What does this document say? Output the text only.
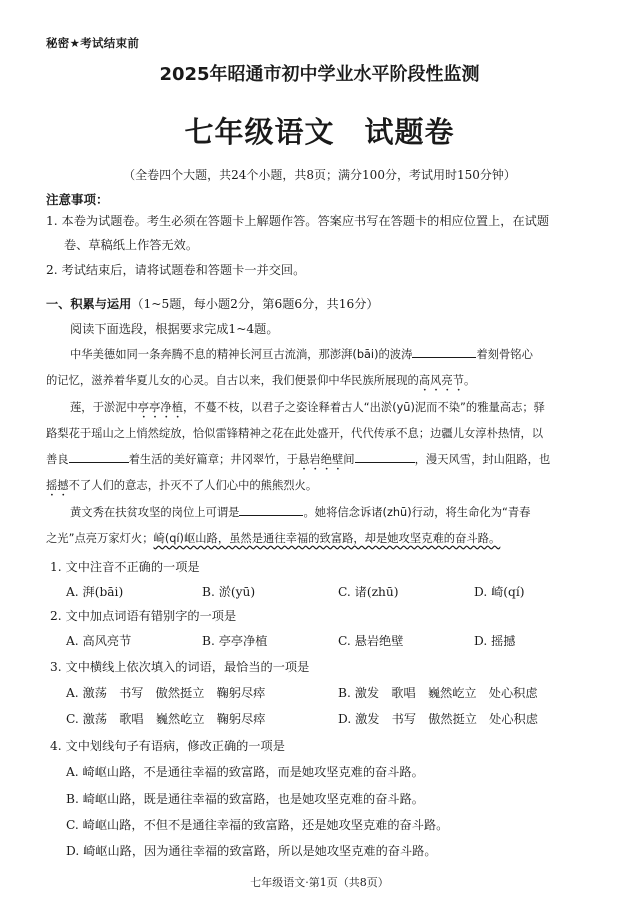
秘密★考试结束前
2025年昭通市初中学业水平阶段性监测
七年级语文　试题卷
（全卷四个大题，共24个小题，共8页；满分100分，考试用时150分钟）
注意事项：
1. 本卷为试题卷。考生必须在答题卡上解题作答。答案应书写在答题卡的相应位置上，在试题
卷、草稿纸上作答无效。
2. 考试结束后，请将试题卷和答题卡一并交回。
一、积累与运用（1~5题，每小题2分，第6题6分，共16分）
阅读下面选段，根据要求完成1~4题。
中华美德如同一条奔腾不息的精神长河亘古流淌，那澎湃(bāi)的波涛	着刻骨铭心
的记忆，滋养着华夏儿女的心灵。自古以来，我们便景仰中华民族所展现的高风亮节。
莲，于淤泥中亭亭净植，不蔓不枝，以君子之姿诠释着古人“出淤(yū)泥而不染”的雅量高志；驿
路梨花于瑶山之上悄然绽放，恰似雷锋精神之花在此处盛开，代代传承不息；边疆儿女淳朴热情，以
善良	着生活的美好篇章；井冈翠竹，于悬岩绝壁间	，漫天风雪，封山阻路，也
摇撼不了人们的意志，扑灭不了人们心中的熊熊烈火。
黄文秀在扶贫攻坚的岗位上可谓是	。她将信念诉诸(zhū)行动，将生命化为“青春
之光”点亮万家灯火；崎(qí)岖山路，虽然是通往幸福的致富路，却是她攻坚克难的奋斗路。
1. 文中注音不正确的一项是
A. 湃(bāi)	B. 淤(yū)	C. 诸(zhū)	D. 崎(qí)
2. 文中加点词语有错别字的一项是
A. 高风亮节	B. 亭亭净植	C. 悬岩绝壁	D. 摇撼
3. 文中横线上依次填入的词语，最恰当的一项是
A. 激荡　书写　傲然挺立　鞠躬尽瘁	B. 激发　歌唱　巍然屹立　处心积虑
C. 激荡　歌唱　巍然屹立　鞠躬尽瘁	D. 激发　书写　傲然挺立　处心积虑
4. 文中划线句子有语病，修改正确的一项是
A. 崎岖山路，不是通往幸福的致富路，而是她攻坚克难的奋斗路。
B. 崎岖山路，既是通往幸福的致富路，也是她攻坚克难的奋斗路。
C. 崎岖山路，不但不是通往幸福的致富路，还是她攻坚克难的奋斗路。
D. 崎岖山路，因为通往幸福的致富路，所以是她攻坚克难的奋斗路。
七年级语文·第1页（共8页）
